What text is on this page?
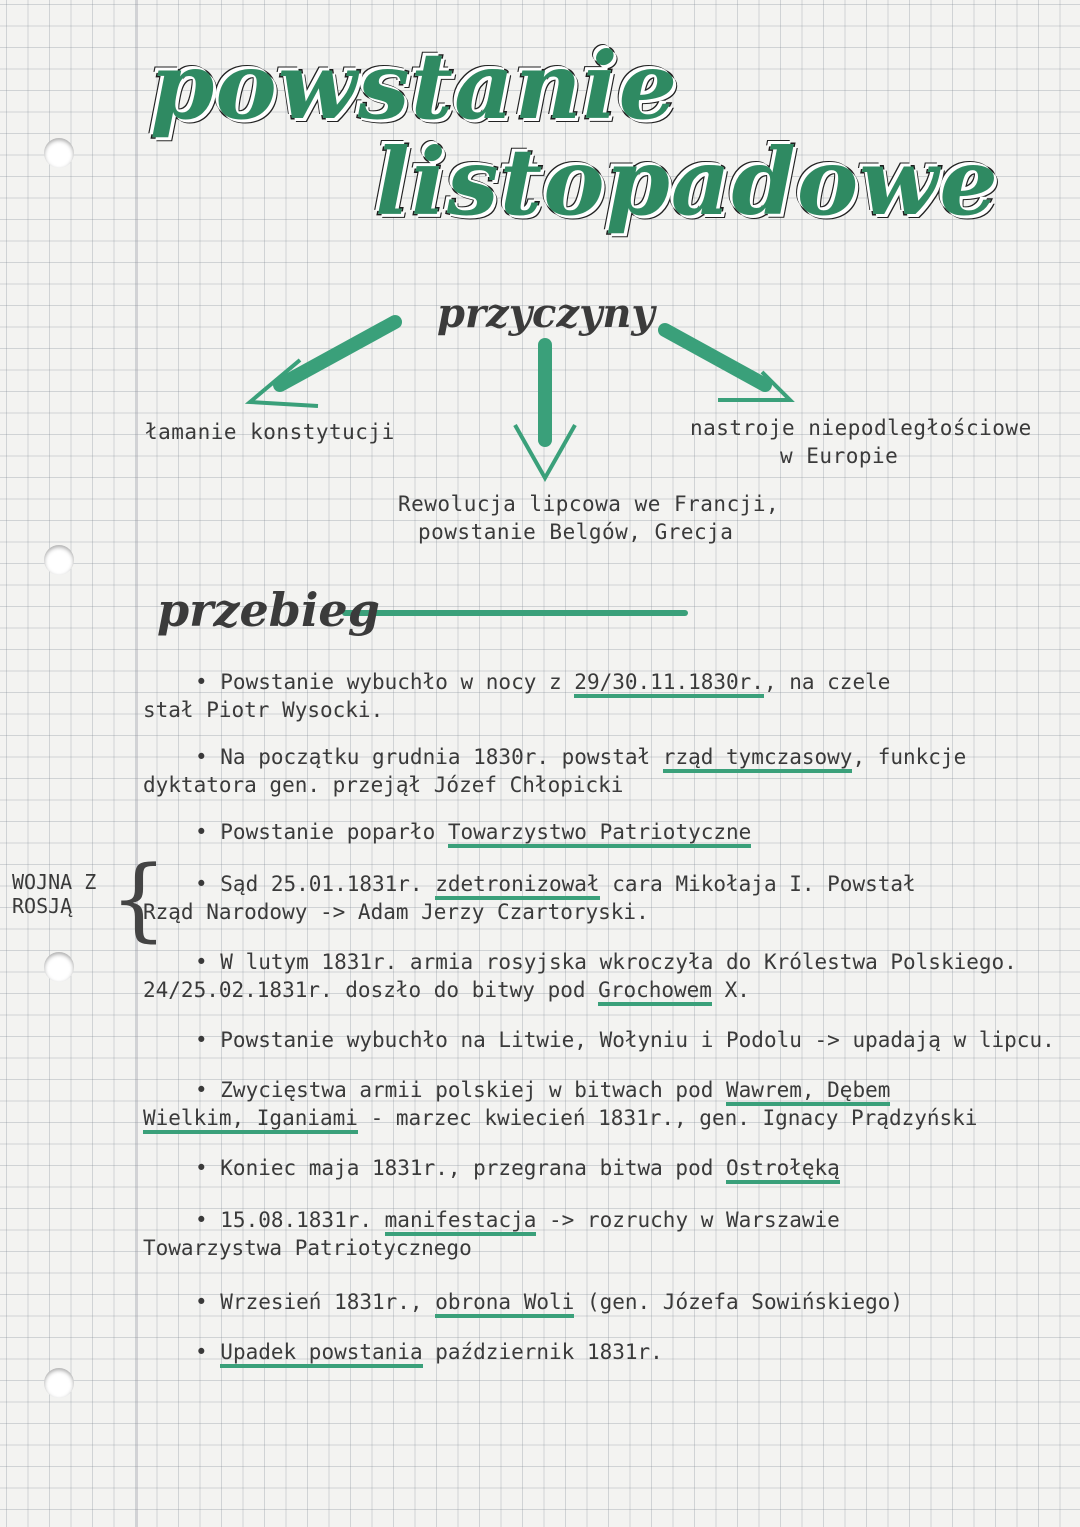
powstanie
listopadowe
przyczyny
łamanie konstytucji	nastroje niepodległościowe
w Europie
Rewolucja lipcowa we Francji,
powstanie Belgów, Grecja
przebieg
WOJNA Z
ROSJĄ {
• Powstanie wybuchło w nocy z 29/30.11.1830r., na czele
stał Piotr Wysocki.
• Na początku grudnia 1830r. powstał rząd tymczasowy, funkcje
dyktatora gen. przejął Józef Chłopicki
• Powstanie poparło Towarzystwo Patriotyczne
• Sąd 25.01.1831r. zdetronizował cara Mikołaja I. Powstał
Rząd Narodowy -> Adam Jerzy Czartoryski.
• W lutym 1831r. armia rosyjska wkroczyła do Królestwa Polskiego.
24/25.02.1831r. doszło do bitwy pod Grochowem X.
• Powstanie wybuchło na Litwie, Wołyniu i Podolu -> upadają w lipcu.
• Zwycięstwa armii polskiej w bitwach pod Wawrem, Dębem
Wielkim, Iganiami - marzec kwiecień 1831r., gen. Ignacy Prądzyński
• Koniec maja 1831r., przegrana bitwa pod Ostrołęką
• 15.08.1831r. manifestacja -> rozruchy w Warszawie
Towarzystwa Patriotycznego
• Wrzesień 1831r., obrona Woli (gen. Józefa Sowińskiego)
• Upadek powstania październik 1831r.
